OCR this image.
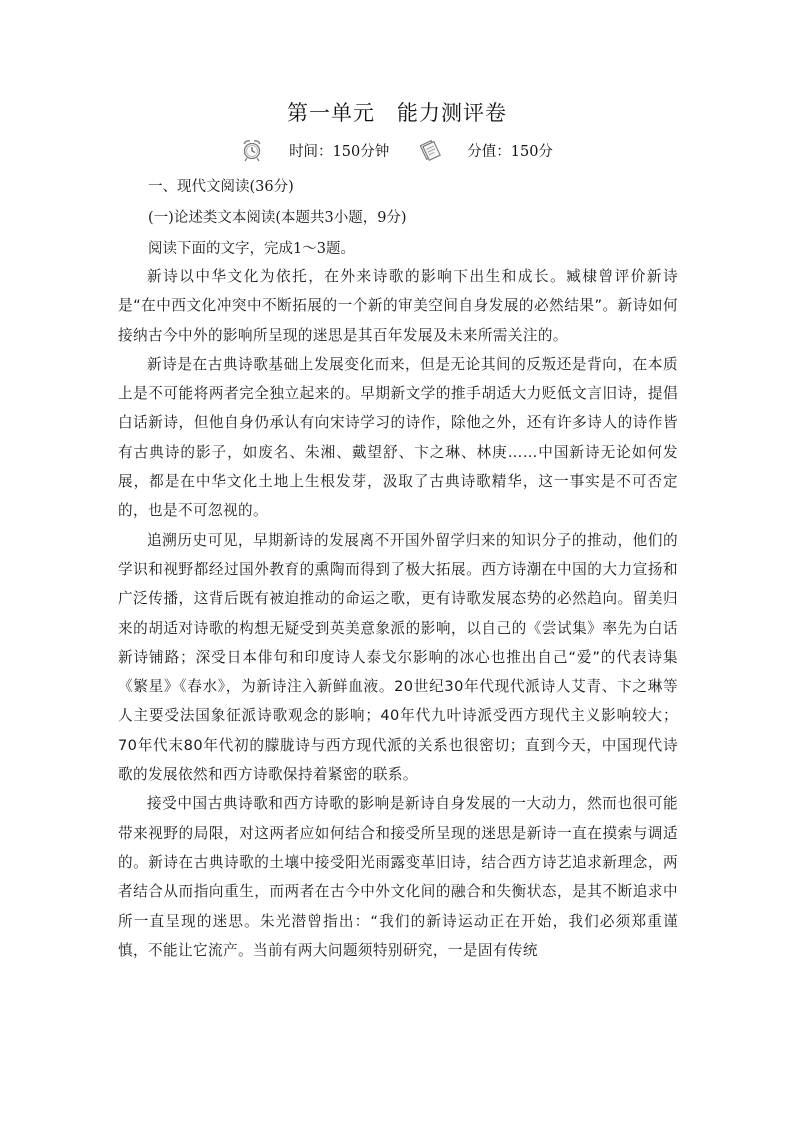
第一单元 能力测评卷
时间：150分钟	分值：150分
一、现代文阅读(36分)
(一)论述类文本阅读(本题共3小题，9分)
阅读下面的文字，完成1～3题。

新诗以中华文化为依托，在外来诗歌的影响下出生和成长。臧棣曾评价新诗是“在中西文化冲突中不断拓展的一个新的审美空间自身发展的必然结果”。新诗如何接纳古今中外的影响所呈现的迷思是其百年发展及未来所需关注的。

新诗是在古典诗歌基础上发展变化而来，但是无论其间的反叛还是背向，在本质上是不可能将两者完全独立起来的。早期新文学的推手胡适大力贬低文言旧诗，提倡白话新诗，但他自身仍承认有向宋诗学习的诗作，除他之外，还有许多诗人的诗作皆有古典诗的影子，如废名、朱湘、戴望舒、卞之琳、林庚……中国新诗无论如何发展，都是在中华文化土地上生根发芽，汲取了古典诗歌精华，这一事实是不可否定的，也是不可忽视的。

追溯历史可见，早期新诗的发展离不开国外留学归来的知识分子的推动，他们的学识和视野都经过国外教育的熏陶而得到了极大拓展。西方诗潮在中国的大力宣扬和广泛传播，这背后既有被迫推动的命运之歌，更有诗歌发展态势的必然趋向。留美归来的胡适对诗歌的构想无疑受到英美意象派的影响，以自己的《尝试集》率先为白话新诗铺路；深受日本俳句和印度诗人泰戈尔影响的冰心也推出自己“爱”的代表诗集《繁星》《春水》，为新诗注入新鲜血液。20世纪30年代现代派诗人艾青、卞之琳等人主要受法国象征派诗歌观念的影响；40年代九叶诗派受西方现代主义影响较大；70年代末80年代初的朦胧诗与西方现代派的关系也很密切；直到今天，中国现代诗歌的发展依然和西方诗歌保持着紧密的联系。

接受中国古典诗歌和西方诗歌的影响是新诗自身发展的一大动力，然而也很可能带来视野的局限，对这两者应如何结合和接受所呈现的迷思是新诗一直在摸索与调适的。新诗在古典诗歌的土壤中接受阳光雨露变革旧诗，结合西方诗艺追求新理念，两者结合从而指向重生，而两者在古今中外文化间的融合和失衡状态，是其不断追求中所一直呈现的迷思。朱光潜曾指出：“我们的新诗运动正在开始，我们必须郑重谨慎，不能让它流产。当前有两大问题须特别研究，一是固有传统
